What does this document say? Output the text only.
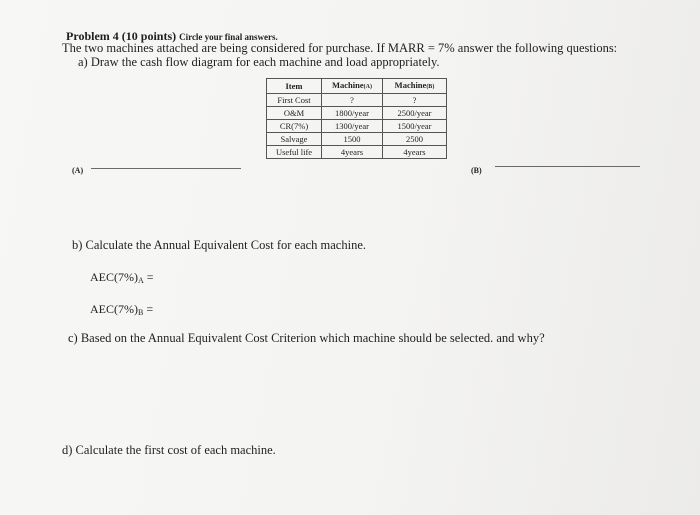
Problem 4 (10 points) Circle your final answers.
The two machines attached are being considered for purchase. If MARR = 7% answer the following questions:
a) Draw the cash flow diagram for each machine and load appropriately.
Item	Machine(A)	Machine(B)
First Cost	?	?
O&M	1800/year	2500/year
CR(7%)	1300/year	1500/year
Salvage	1500	2500
Useful life	4years	4years
(A)	(B)
b) Calculate the Annual Equivalent Cost for each machine.
$AEC(7\%)_A$ =
$AEC(7\%)_B$ =
c) Based on the Annual Equivalent Cost Criterion which machine should be selected. and why?
d) Calculate the first cost of each machine.
